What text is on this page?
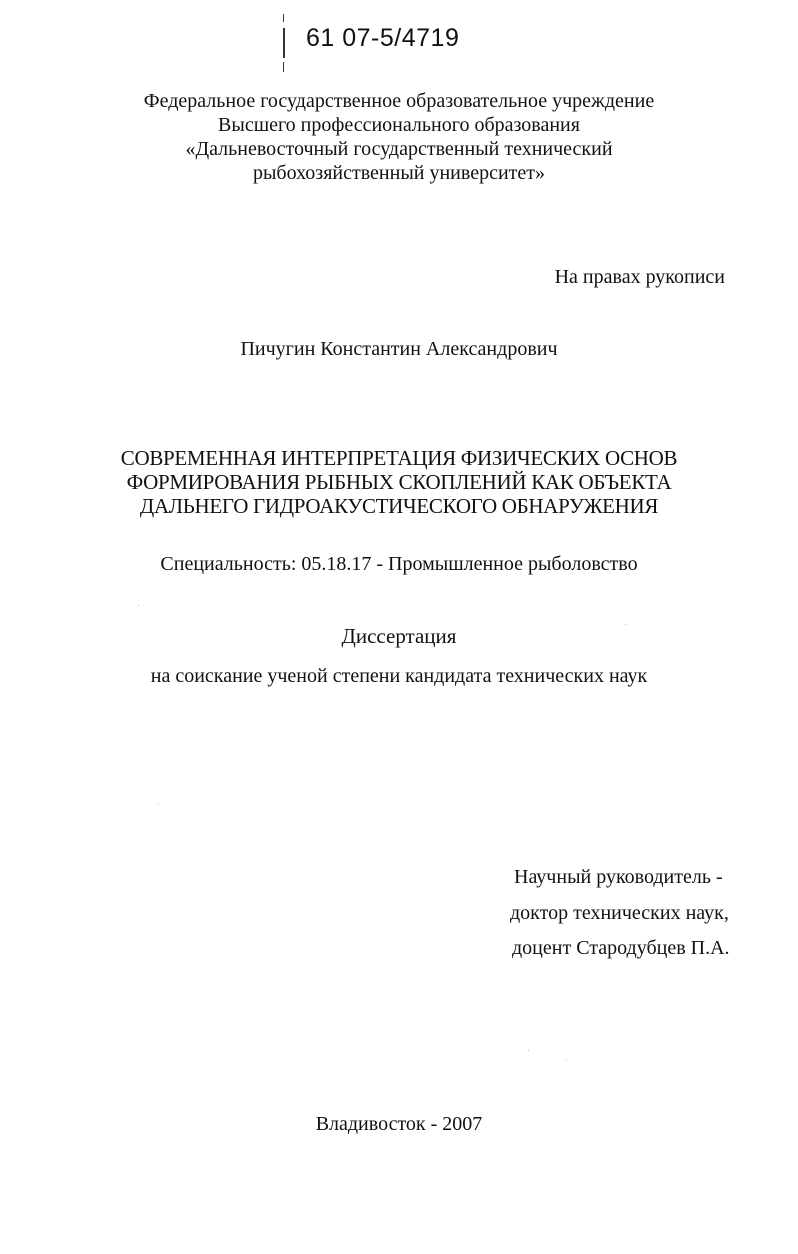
61 07-5/4719
Федеральное государственное образовательное учреждение
Высшего профессионального образования
«Дальневосточный государственный технический
рыбохозяйственный университет»
На правах рукописи
Пичугин Константин Александрович
СОВРЕМЕННАЯ ИНТЕРПРЕТАЦИЯ ФИЗИЧЕСКИХ ОСНОВ
ФОРМИРОВАНИЯ РЫБНЫХ СКОПЛЕНИЙ КАК ОБЪЕКТА
ДАЛЬНЕГО ГИДРОАКУСТИЧЕСКОГО ОБНАРУЖЕНИЯ
Специальность: 05.18.17 - Промышленное рыболовство
Диссертация
на соискание ученой степени кандидата технических наук
Научный руководитель -
доктор технических наук,
доцент Стародубцев П.А.
Владивосток - 2007
